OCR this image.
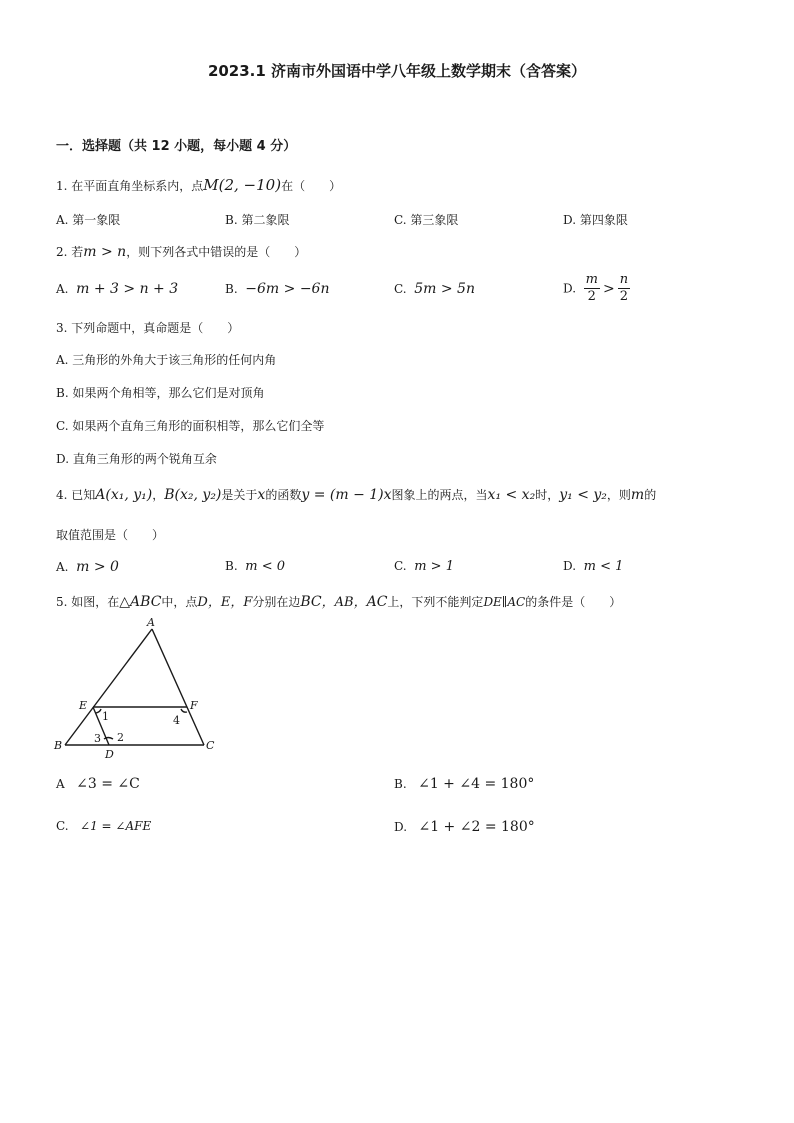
2023.1 济南市外国语中学八年级上数学期末（含答案）
一．选择题（共 12 小题，每小题 4 分）
1. 在平面直角坐标系内，点M(2, −10)在（　　）
A. 第一象限	B. 第二象限	C. 第三象限	D. 第四象限
2. 若m > n，则下列各式中错误的是（　　）
A. m + 3 > n + 3	B. −6m > −6n	C. 5m > 5n	D. $\frac{m}{2} > \frac{n}{2}$
3. 下列命题中，真命题是（　　）
A. 三角形的外角大于该三角形的任何内角
B. 如果两个角相等，那么它们是对顶角
C. 如果两个直角三角形的面积相等，那么它们全等
D. 直角三角形的两个锐角互余
4. 已知A(x₁, y₁)，B(x₂, y₂)是关于x的函数y = (m − 1)x图象上的两点，当x₁ < x₂时，y₁ < y₂，则m的
取值范围是（　　）
A. m > 0	B. m < 0	C. m > 1	D. m < 1
5. 如图，在△ABC中，点D，E，F分别在边BC，AB，AC上，下列不能判定DE∥AC的条件是（　　）
A
B	C
D
E	F
1
2
3
4
A ∠3 = ∠C	B. ∠1 + ∠4 = 180°
C. ∠1 = ∠AFE	D. ∠1 + ∠2 = 180°
